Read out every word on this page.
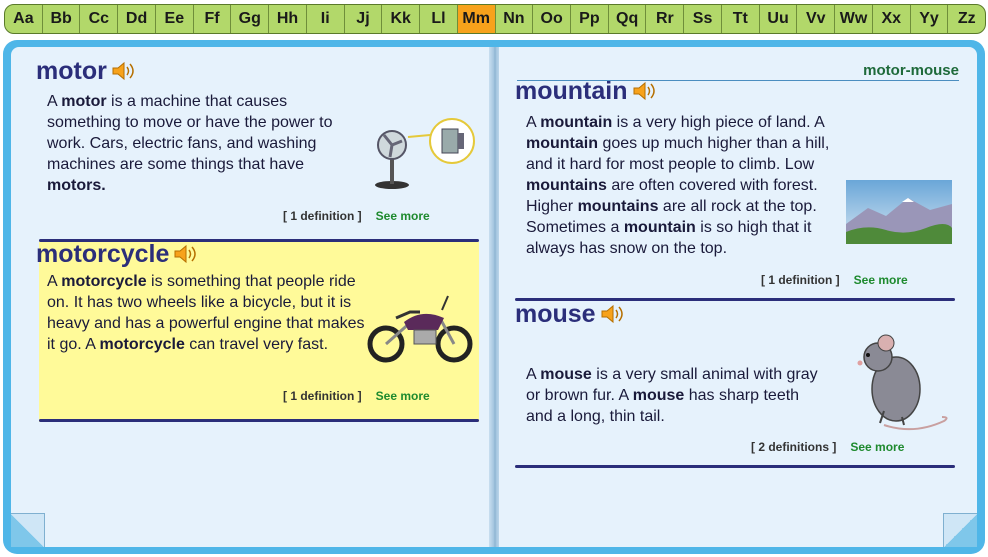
Aa	Bb	Cc	Dd	Ee	Ff	Gg Hh	Ii	Jj	Kk	Ll	Mm Nn Oo	Pp	Qq	Rr	Ss	Tt	Uu	Vv Ww Xx	Yy	Zz
motor
A motor is a machine that causes something to move or have the power to work. Cars, electric fans, and washing machines are some things that have motors.
[ 1 definition ] See more
motorcycle
A motorcycle is something that people ride on. It has two wheels like a bicycle, but it is heavy and has a powerful engine that makes it go. A motorcycle can travel very fast.
[ 1 definition ] See more
motor-mouse
mountain
A mountain is a very high piece of land. A mountain goes up much higher than a hill, and it hard for most people to climb. Low mountains are often covered with forest. Higher mountains are all rock at the top. Sometimes a mountain is so high that it always has snow on the top.
[ 1 definition ] See more
mouse
A mouse is a very small animal with gray or brown fur. A mouse has sharp teeth and a long, thin tail.
[ 2 definitions ] See more
